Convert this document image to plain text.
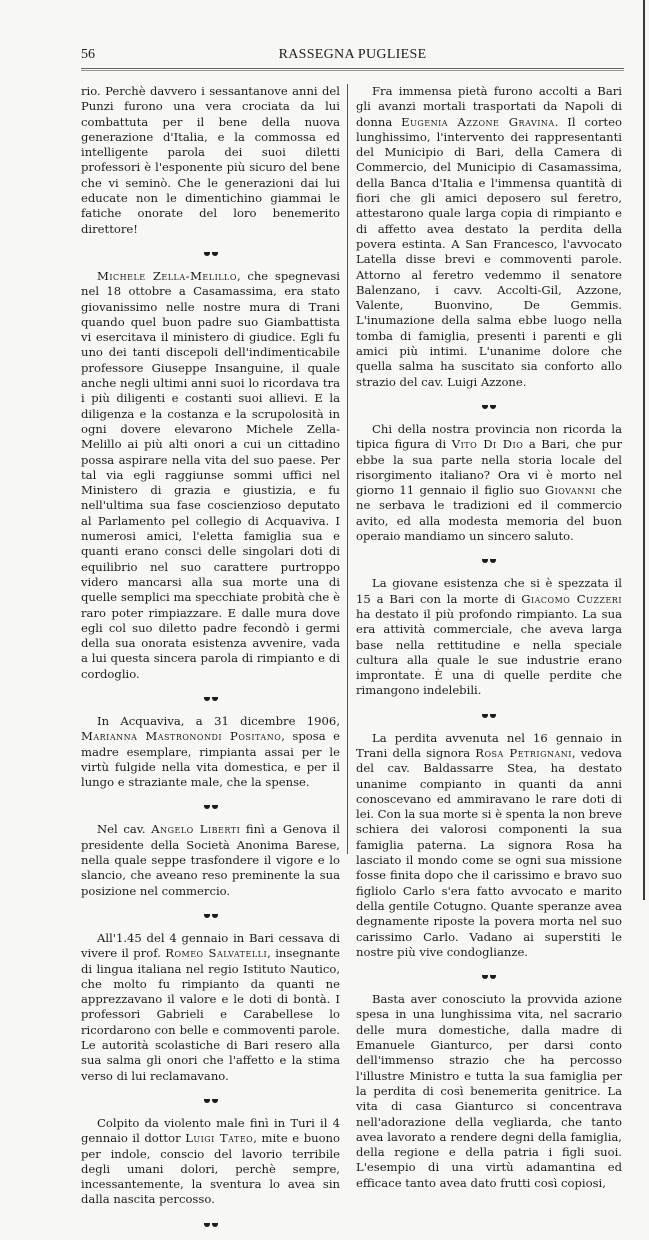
56	RASSEGNA PUGLIESE

rio. Perchè davvero i sessantanove anni del Punzi furono una vera crociata da lui combattuta per il bene della nuova generazione d'Italia, e la commossa ed intelligente parola dei suoi diletti professori è l'esponente più sicuro del bene che vi seminò. Che le generazioni dai lui educate non le dimentichino giammai le fatiche onorate del loro benemerito direttore!

Michele Zella-Melillo, che spegnevasi nel 18 ottobre a Casamassima, era stato giovanissimo nelle nostre mura di Trani quando quel buon padre suo Giambattista vi esercitava il ministero di giudice. Egli fu uno dei tanti discepoli dell'indimenticabile professore Giuseppe Insanguine, il quale anche negli ultimi anni suoi lo ricordava tra i più diligenti e costanti suoi allievi. E la diligenza e la costanza e la scrupolosità in ogni dovere elevarono Michele Zella-Melillo ai più alti onori a cui un cittadino possa aspirare nella vita del suo paese. Per tal via egli raggiunse sommi uffici nel Ministero di grazia e giustizia, e fu nell'ultima sua fase coscienzioso deputato al Parlamento pel collegio di Acquaviva. I numerosi amici, l'eletta famiglia sua e quanti erano consci delle singolari doti di equilibrio nel suo carattere purtroppo videro mancarsi alla sua morte una di quelle semplici ma specchiate probità che è raro poter rimpiazzare. E dalle mura dove egli col suo diletto padre fecondò i germi della sua onorata esistenza avvenire, vada a lui questa sincera parola di rimpianto e di cordoglio.

In Acquaviva, a 31 dicembre 1906, Marianna Mastronondi Positano, sposa e madre esemplare, rimpianta assai per le virtù fulgide nella vita domestica, e per il lungo e straziante male, che la spense.

Nel cav. Angelo Liberti finì a Genova il presidente della Società Anonima Barese, nella quale seppe trasfondere il vigore e lo slancio, che aveano reso preminente la sua posizione nel commercio.

All'1.45 del 4 gennaio in Bari cessava di vivere il prof. Romeo Salvatelli, insegnante di lingua italiana nel regio Istituto Nautico, che molto fu rimpianto da quanti ne apprezzavano il valore e le doti di bontà. I professori Gabrieli e Carabellese lo ricordarono con belle e commoventi parole. Le autorità scolastiche di Bari resero alla sua salma gli onori che l'affetto e la stima verso di lui reclamavano.

Colpito da violento male finì in Turi il 4 gennaio il dottor Luigi Tateo, mite e buono per indole, conscio del lavorio terribile degli umani dolori, perchè sempre, incessantemente, la sventura lo avea sin dalla nascita percosso.

Fra immensa pietà furono accolti a Bari gli avanzi mortali trasportati da Napoli di donna Eugenia Azzone Gravina. Il corteo lunghissimo, l'intervento dei rappresentanti del Municipio di Bari, della Camera di Commercio, del Municipio di Casamassima, della Banca d'Italia e l'immensa quantità di fiori che gli amici deposero sul feretro, attestarono quale larga copia di rimpianto e di affetto avea destato la perdita della povera estinta. A San Francesco, l'avvocato Latella disse brevi e commoventi parole. Attorno al feretro vedemmo il senatore Balenzano, i cavv. Accolti-Gil, Azzone, Valente, Buonvino, De Gemmis. L'inumazione della salma ebbe luogo nella tomba di famiglia, presenti i parenti e gli amici più intimi. L'unanime dolore che quella salma ha suscitato sia conforto allo strazio del cav. Luigi Azzone.

Chi della nostra provincia non ricorda la tipica figura di Vito Di Dio a Bari, che pur ebbe la sua parte nella storia locale del risorgimento italiano? Ora vi è morto nel giorno 11 gennaio il figlio suo Giovanni che ne serbava le tradizioni ed il commercio avito, ed alla modesta memoria del buon operaio mandiamo un sincero saluto.

La giovane esistenza che si è spezzata il 15 a Bari con la morte di Giacomo Cuzzeri ha destato il più profondo rimpianto. La sua era attività commerciale, che aveva larga base nella rettitudine e nella speciale cultura alla quale le sue industrie erano improntate. È una di quelle perdite che rimangono indelebili.

La perdita avvenuta nel 16 gennaio in Trani della signora Rosa Petrignani, vedova del cav. Baldassarre Stea, ha destato unanime compianto in quanti da anni conoscevano ed ammiravano le rare doti di lei. Con la sua morte si è spenta la non breve schiera dei valorosi componenti la sua famiglia paterna. La signora Rosa ha lasciato il mondo come se ogni sua missione fosse finita dopo che il carissimo e bravo suo figliolo Carlo s'era fatto avvocato e marito della gentile Cotugno. Quante speranze avea degnamente riposte la povera morta nel suo carissimo Carlo. Vadano ai superstiti le nostre più vive condoglianze.

Basta aver conosciuto la provvida azione spesa in una lunghissima vita, nel sacrario delle mura domestiche, dalla madre di Emanuele Gianturco, per darsi conto dell'immenso strazio che ha percosso l'illustre Ministro e tutta la sua famiglia per la perdita di così benemerita genitrice. La vita di casa Gianturco si concentrava nell'adorazione della vegliarda, che tanto avea lavorato a rendere degni della famiglia, della regione e della patria i figli suoi. L'esempio di una virtù adamantina ed efficace tanto avea dato frutti così copiosi,
